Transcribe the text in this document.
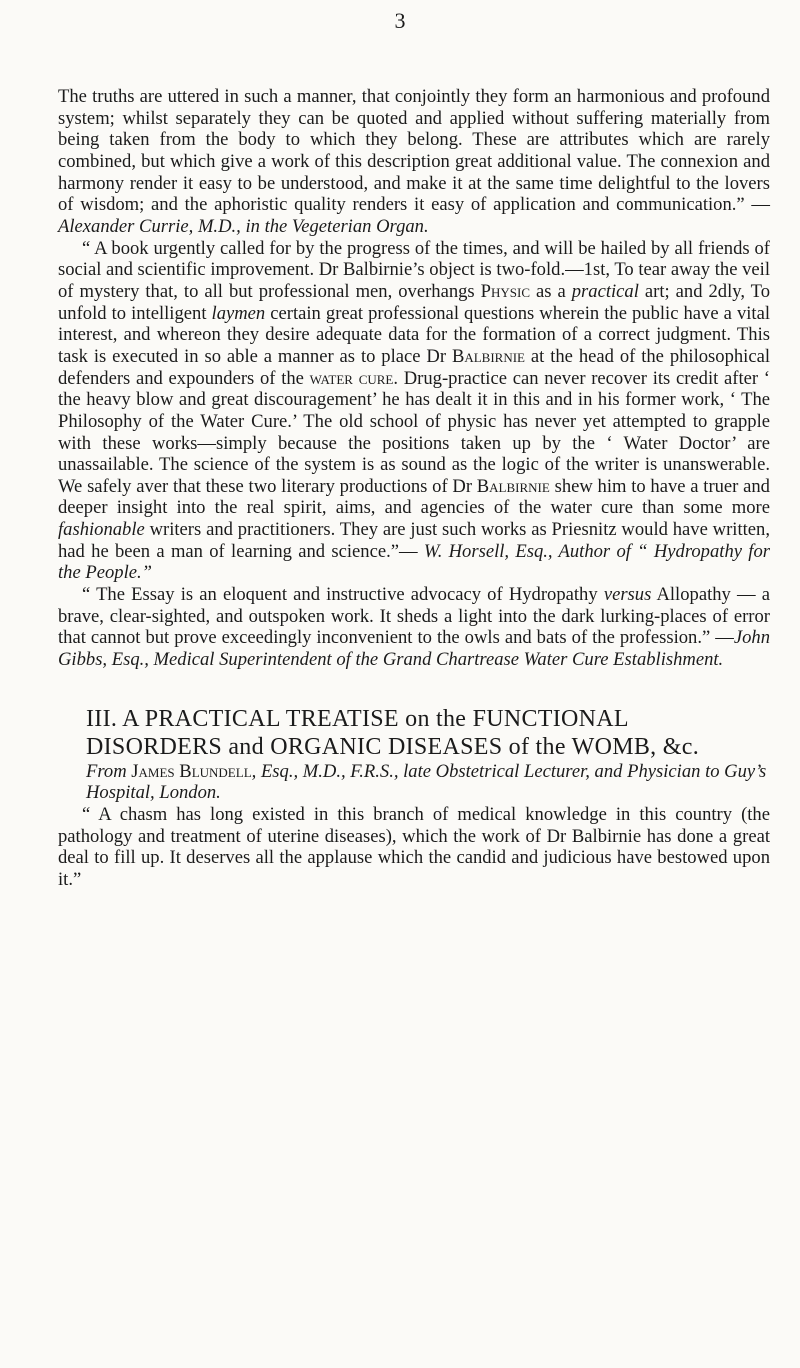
3

The truths are uttered in such a manner, that conjointly they form an harmonious and profound system; whilst separately they can be quoted and applied without suffering materially from being taken from the body to which they belong. These are attributes which are rarely combined, but which give a work of this description great additional value. The connexion and harmony render it easy to be understood, and make it at the same time delightful to the lovers of wisdom; and the aphoristic quality renders it easy of application and communication.” — Alexander Currie, M.D., in the Vegeterian Organ.

“ A book urgently called for by the progress of the times, and will be hailed by all friends of social and scientific improvement. Dr Balbirnie’s object is two-fold.—1st, To tear away the veil of mystery that, to all but professional men, overhangs Physic as a practical art; and 2dly, To unfold to intelligent laymen certain great professional questions wherein the public have a vital interest, and whereon they desire adequate data for the formation of a correct judgment. This task is executed in so able a manner as to place Dr Balbirnie at the head of the philosophical defenders and expounders of the water cure. Drug-practice can never recover its credit after ‘ the heavy blow and great discouragement’ he has dealt it in this and in his former work, ‘ The Philosophy of the Water Cure.’ The old school of physic has never yet attempted to grapple with these works—simply because the positions taken up by the ‘ Water Doctor’ are unassailable. The science of the system is as sound as the logic of the writer is unanswerable. We safely aver that these two literary productions of Dr Balbirnie shew him to have a truer and deeper insight into the real spirit, aims, and agencies of the water cure than some more fashionable writers and practitioners. They are just such works as Priesnitz would have written, had he been a man of learning and science.”— W. Horsell, Esq., Author of “ Hydropathy for the People.”

“ The Essay is an eloquent and instructive advocacy of Hydropathy versus Allopathy — a brave, clear-sighted, and outspoken work. It sheds a light into the dark lurking-places of error that cannot but prove exceedingly inconvenient to the owls and bats of the profession.” —John Gibbs, Esq., Medical Superintendent of the Grand Chartrease Water Cure Establishment.

III. A PRACTICAL TREATISE on the FUNCTIONAL DISORDERS and ORGANIC DISEASES of the WOMB, &c.

From James Blundell, Esq., M.D., F.R.S., late Obstetrical Lecturer, and Physician to Guy’s Hospital, London.

“ A chasm has long existed in this branch of medical knowledge in this country (the pathology and treatment of uterine diseases), which the work of Dr Balbirnie has done a great deal to fill up. It deserves all the applause which the candid and judicious have bestowed upon it.”
